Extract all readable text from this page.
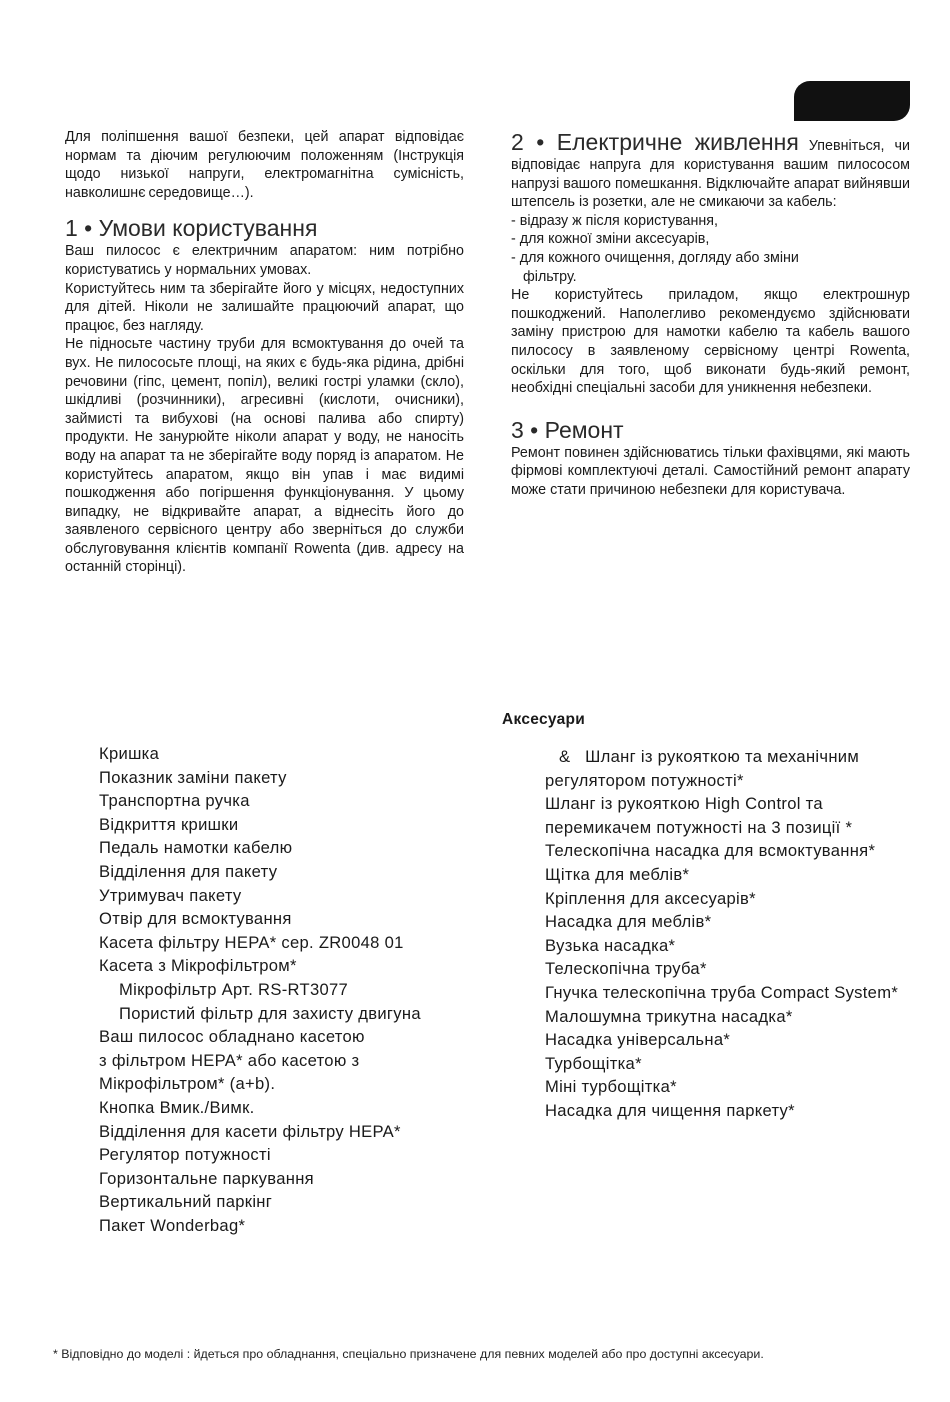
Для поліпшення вашої безпеки, цей апарат відповідає нормам та діючим регулюючим положенням (Інструкція щодо низької напруги, електромагнітна сумісність, навколишнє середовище…).

1 • Умови користування

Ваш пилосос є електричним апаратом: ним потрібно користуватись у нормальних умовах.

Користуйтесь ним та зберігайте його у місцях, недоступних для дітей. Ніколи не залишайте працюючий апарат, що працює, без нагляду.

Не підносьте частину труби для всмоктування до очей та вух. Не пилососьте площі, на яких є будь-яка рідина, дрібні речовини (гіпс, цемент, попіл), великі гострі уламки (скло), шкідливі (розчинники), агресивні (кислоти, очисники), займисті та вибухові (на основі палива або спирту) продукти. Не занурюйте ніколи апарат у воду, не наносіть воду на апарат та не зберігайте воду поряд із апаратом. Не користуйтесь апаратом, якщо він упав і має видимі пошкодження або погіршення функціонування. У цьому випадку, не відкривайте апарат, а віднесіть його до заявленого сервісного центру або зверніться до служби обслуговування клієнтів компанії Rowenta (див. адресу на останній сторінці).

2 • Електричне живлення Упевніться, чи відповідає напруга для користування вашим пилососом напрузі вашого помешкання. Відключайте апарат вийнявши штепсель із розетки, але не смикаючи за кабель:

- відразу ж після користування,

- для кожної зміни аксесуарів,

- для кожного очищення, догляду або зміни

фільтру.

Не користуйтесь приладом, якщо електрошнур пошкоджений. Наполегливо рекомендуємо здійснювати заміну пристрою для намотки кабелю та кабель вашого пилососу в заявленому сервісному центрі Rowenta, оскільки для того, щоб виконати будь-який ремонт, необхідні спеціальні засоби для уникнення небезпеки.

3 • Ремонт

Ремонт повинен здійснюватись тільки фахівцями, які мають фірмові комплектуючі деталі. Самостійний ремонт апарату може стати причиною небезпеки для користувача.

Аксесуари
Кришка
Показник заміни пакету
Транспортна ручка
Відкриття кришки
Педаль намотки кабелю
Відділення для пакету
Утримувач пакету
Отвір для всмоктування
Касета фільтру HEPA* сер. ZR0048 01
Касета з Мікрофільтром*
Мікрофільтр Арт. RS-RT3077
Пористий фільтр для захисту двигуна
Ваш пилосос обладнано касетою
з фільтром HEPA* або касетою з
Мікрофільтром* (a+b).
Кнопка Вмик./Вимк.
Відділення для касети фільтру HEPA*
Регулятор потужності
Горизонтальне паркування
Вертикальний паркінг
Пакет Wonderbag*
&   Шланг із рукояткою та механічним регулятором потужності*
Шланг із рукояткою High Control та перемикачем потужності на 3 позиції *
Телескопічна насадка для всмоктування*
Щітка для меблів*
Кріплення для аксесуарів*
Насадка для меблів*
Вузька насадка*
Телескопічна труба*
Гнучка телескопічна труба Compact System*
Малошумна трикутна насадка*
Насадка універсальна*
Турбощітка*
Міні турбощітка*
Насадка для чищення паркету*
* Відповідно до моделі : йдеться про обладнання, спеціально призначене для певних моделей або про доступні аксесуари.
